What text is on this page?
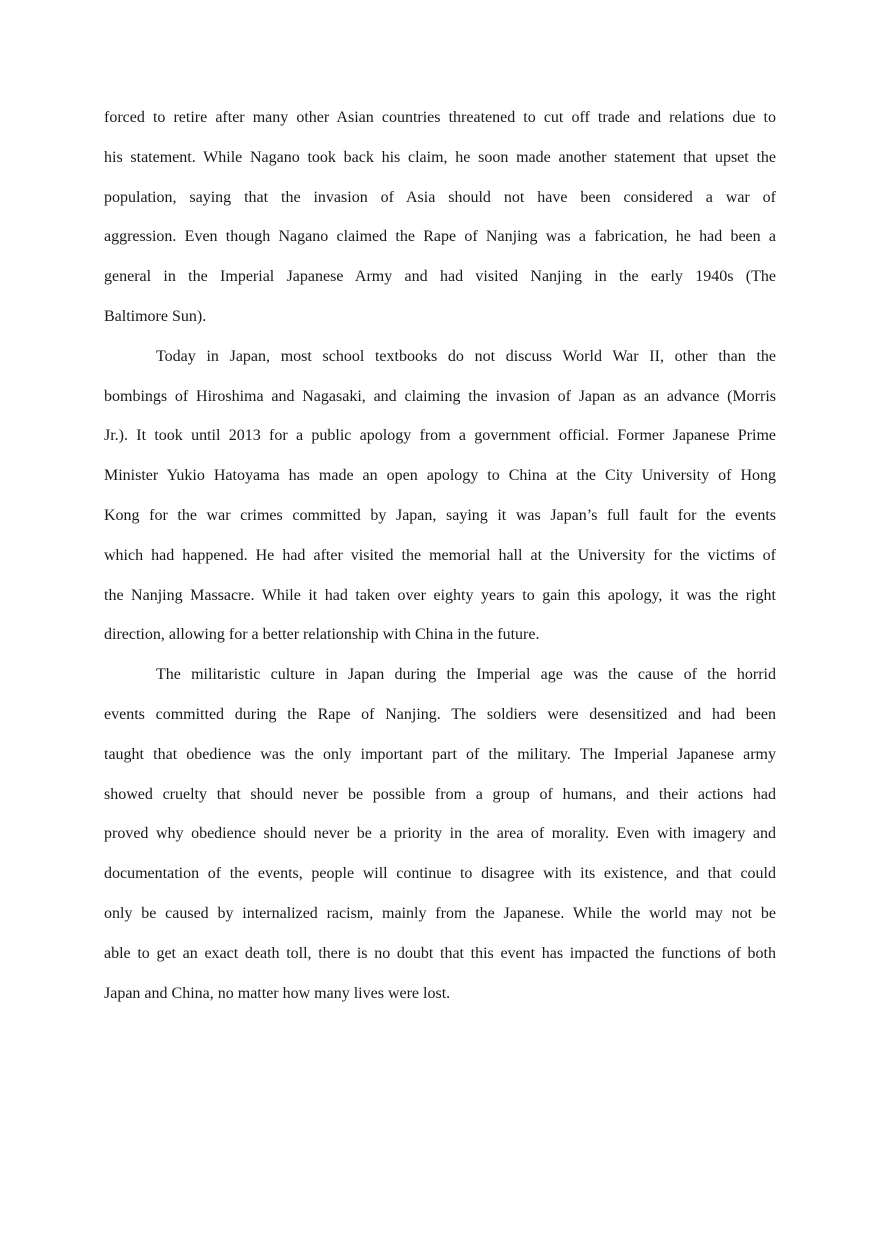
forced to retire after many other Asian countries threatened to cut off trade and relations due to
his statement. While Nagano took back his claim, he soon made another statement that upset the
population, saying that the invasion of Asia should not have been considered a war of
aggression. Even though Nagano claimed the Rape of Nanjing was a fabrication, he had been a
general in the Imperial Japanese Army and had visited Nanjing in the early 1940s (The
Baltimore Sun).
Today in Japan, most school textbooks do not discuss World War II, other than the
bombings of Hiroshima and Nagasaki, and claiming the invasion of Japan as an advance (Morris
Jr.). It took until 2013 for a public apology from a government official. Former Japanese Prime
Minister Yukio Hatoyama has made an open apology to China at the City University of Hong
Kong for the war crimes committed by Japan, saying it was Japan’s full fault for the events
which had happened. He had after visited the memorial hall at the University for the victims of
the Nanjing Massacre. While it had taken over eighty years to gain this apology, it was the right
direction, allowing for a better relationship with China in the future.
The militaristic culture in Japan during the Imperial age was the cause of the horrid
events committed during the Rape of Nanjing. The soldiers were desensitized and had been
taught that obedience was the only important part of the military. The Imperial Japanese army
showed cruelty that should never be possible from a group of humans, and their actions had
proved why obedience should never be a priority in the area of morality. Even with imagery and
documentation of the events, people will continue to disagree with its existence, and that could
only be caused by internalized racism, mainly from the Japanese. While the world may not be
able to get an exact death toll, there is no doubt that this event has impacted the functions of both
Japan and China, no matter how many lives were lost.
